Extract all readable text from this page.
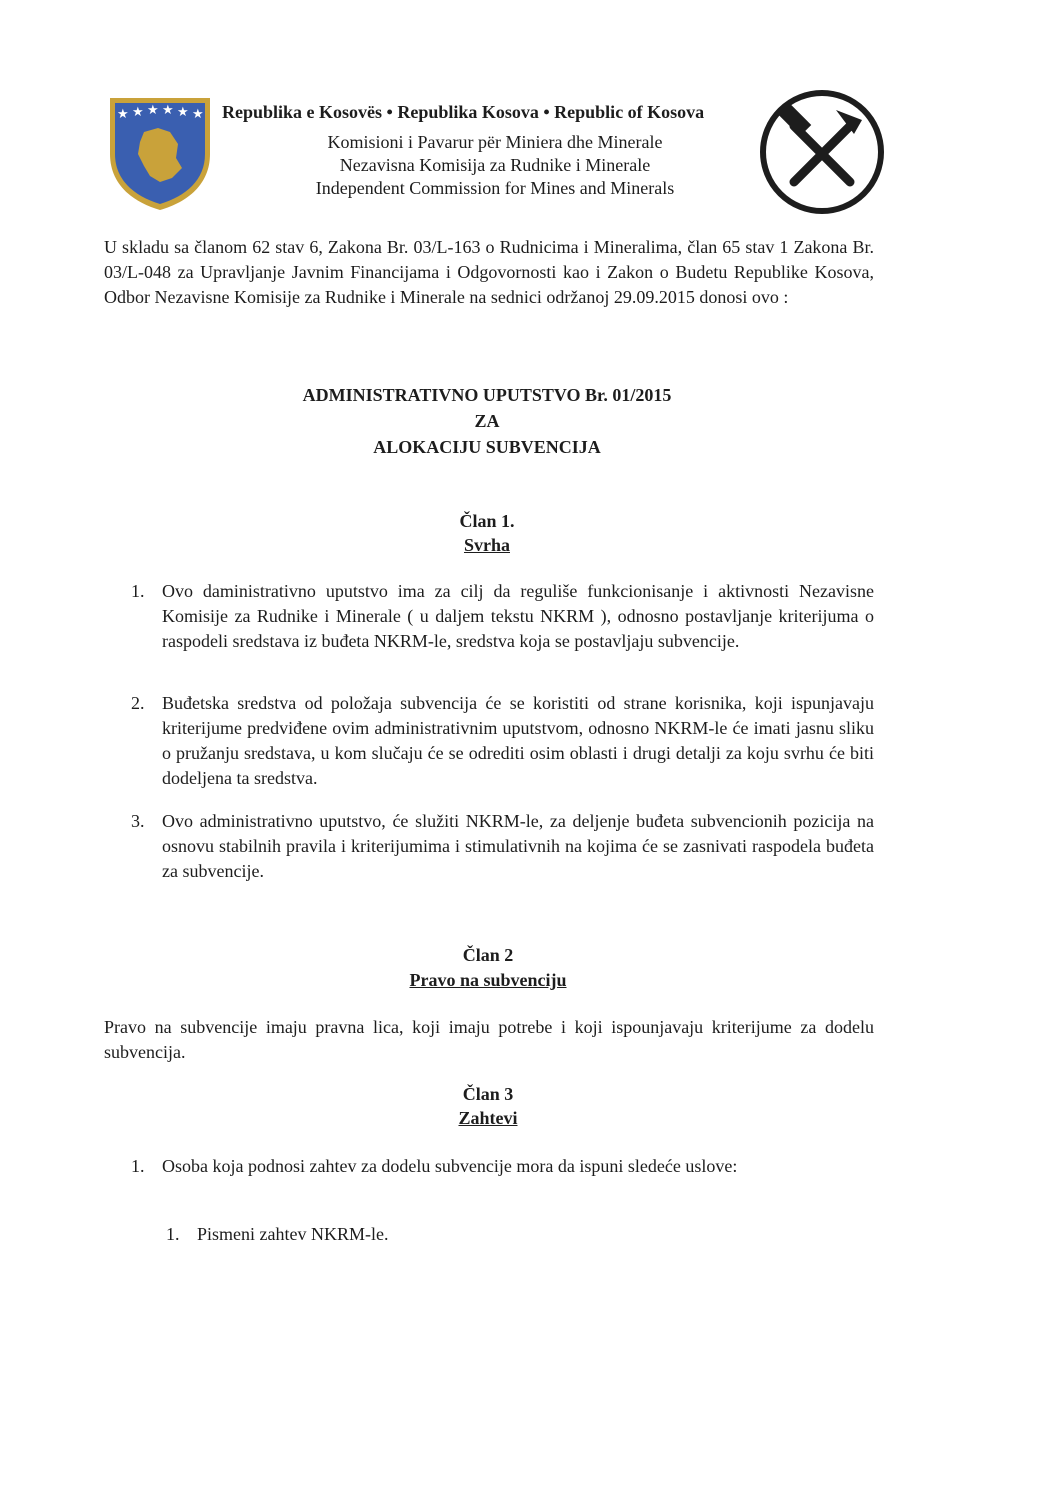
★ ★ ★ ★ ★ ★ Republika e Kosovës • Republika Kosova • Republic of Kosova
Komisioni i Pavarur për Miniera dhe Minerale
Nezavisna Komisija za Rudnike i Minerale
Independent Commission for Mines and Minerals
U skladu sa članom 62 stav 6, Zakona Br. 03/L-163 o Rudnicima i Mineralima, član 65 stav 1 Zakona Br. 03/L-048 za Upravljanje Javnim Financijama i Odgovornosti kao i Zakon o Budetu Republike Kosova, Odbor Nezavisne Komisije za Rudnike i Minerale na sednici održanoj 29.09.2015 donosi ovo :
ADMINISTRATIVNO UPUTSTVO Br. 01/2015
ZA
ALOKACIJU SUBVENCIJA
Član 1.
Svrha
1. Ovo daministrativno uputstvo ima za cilj da reguliše funkcionisanje i aktivnosti Nezavisne Komisije za Rudnike i Minerale ( u daljem tekstu NKRM ), odnosno postavljanje kriterijuma o raspodeli sredstava iz buđeta NKRM-le, sredstva koja se postavljaju subvencije.
2. Buđetska sredstva od položaja subvencija će se koristiti od strane korisnika, koji ispunjavaju kriterijume predviđene ovim administrativnim uputstvom, odnosno NKRM-le će imati jasnu sliku o pružanju sredstava, u kom slučaju će se odrediti osim oblasti i drugi detalji za koju svrhu će biti dodeljena ta sredstva.
3. Ovo administrativno uputstvo, će služiti NKRM-le, za deljenje buđeta subvencionih pozicija na osnovu stabilnih pravila i kriterijumima i stimulativnih na kojima će se zasnivati raspodela buđeta za subvencije.
Član 2
Pravo na subvenciju
Pravo na subvencije imaju pravna lica, koji imaju potrebe i koji ispounjavaju kriterijume za dodelu subvencija.
Član 3
Zahtevi
1. Osoba koja podnosi zahtev za dodelu subvencije mora da ispuni sledeće uslove:
1. Pismeni zahtev NKRM-le.
